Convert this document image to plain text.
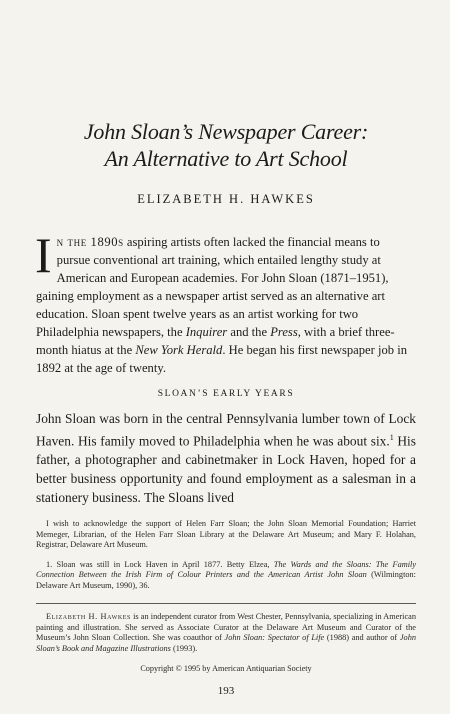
John Sloan’s Newspaper Career:
An Alternative to Art School
ELIZABETH H. HAWKES
In the 1890s aspiring artists often lacked the financial means to pursue conventional art training, which entailed lengthy study at American and European academies. For John Sloan (1871–1951), gaining employment as a newspaper artist served as an alternative art education. Sloan spent twelve years as an artist working for two Philadelphia newspapers, the Inquirer and the Press, with a brief three-month hiatus at the New York Herald. He began his first newspaper job in 1892 at the age of twenty.
SLOAN’S EARLY YEARS
John Sloan was born in the central Pennsylvania lumber town of Lock Haven. His family moved to Philadelphia when he was about six.$^1$ His father, a photographer and cabinetmaker in Lock Haven, hoped for a better business opportunity and found employment as a salesman in a stationery business. The Sloans lived
I wish to acknowledge the support of Helen Farr Sloan; the John Sloan Memorial Foundation; Harriet Memeger, Librarian, of the Helen Farr Sloan Library at the Delaware Art Museum; and Mary F. Holahan, Registrar, Delaware Art Museum.
1. Sloan was still in Lock Haven in April 1877. Betty Elzea, The Wards and the Sloans: The Family Connection Between the Irish Firm of Colour Printers and the American Artist John Sloan (Wilmington: Delaware Art Museum, 1990), 36.
Elizabeth H. Hawkes is an independent curator from West Chester, Pennsylvania, specializing in American painting and illustration. She served as Associate Curator at the Delaware Art Museum and Curator of the Museum’s John Sloan Collection. She was coauthor of John Sloan: Spectator of Life (1988) and author of John Sloan’s Book and Magazine Illustrations (1993).
Copyright © 1995 by American Antiquarian Society
193
